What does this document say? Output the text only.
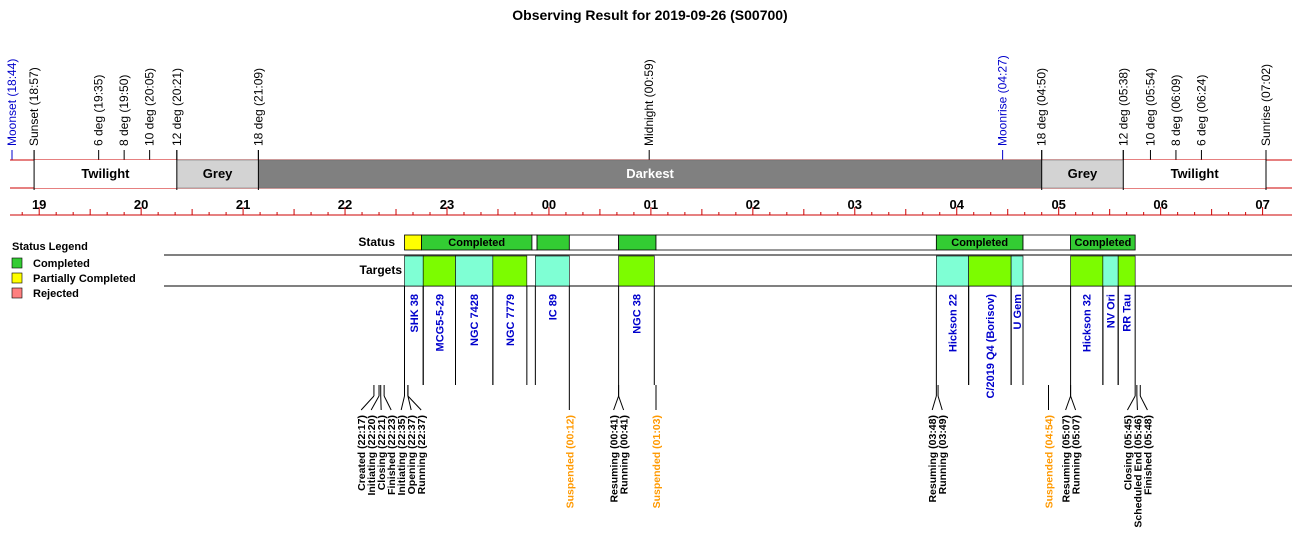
Observing Result for 2019-09-26 (S00700)
Moonset (18:44) Sunset (18:57)	6 deg (19:35) 8 deg (19:50) 10 deg (20:05) 12 deg (20:21)	18 deg (21:09)	Midnight (00:59)	Moonrise (04:27) 18 deg (04:50)	12 deg (05:38) 10 deg (05:54) 8 deg (06:09) 6 deg (06:24)	Sunrise (07:02)
Twilight	Grey	Darkest	Grey	Twilight
19	20	21	22	23	00	01	02	03	04	05	06	07
Status Legend
Completed
Partially Completed
Rejected
Status
Targets
Completed	Completed	Completed
SHK 38 MCG5-5-29 NGC 7428 NGC 7779	IC 89	NGC 38	Hickson 22 C/2019 Q4 (Borisov) U Gem	Hickson 32 NV Ori RR Tau
Created (22:17)
Initiating (22:20)
Closing (22:21)
Finished (22:23)
Initiating (22:35)
Opening (22:37)
Running (22:37)	Suspended (00:12)	Resuming (00:41)
Running (00:41) Suspended (01:03)	Resuming (03:48)
Running (03:49)	Suspended (04:54) Resuming (05:07)
Running (05:07)	Closing (05:45)
Scheduled End (05:46)
Finished (05:48)
